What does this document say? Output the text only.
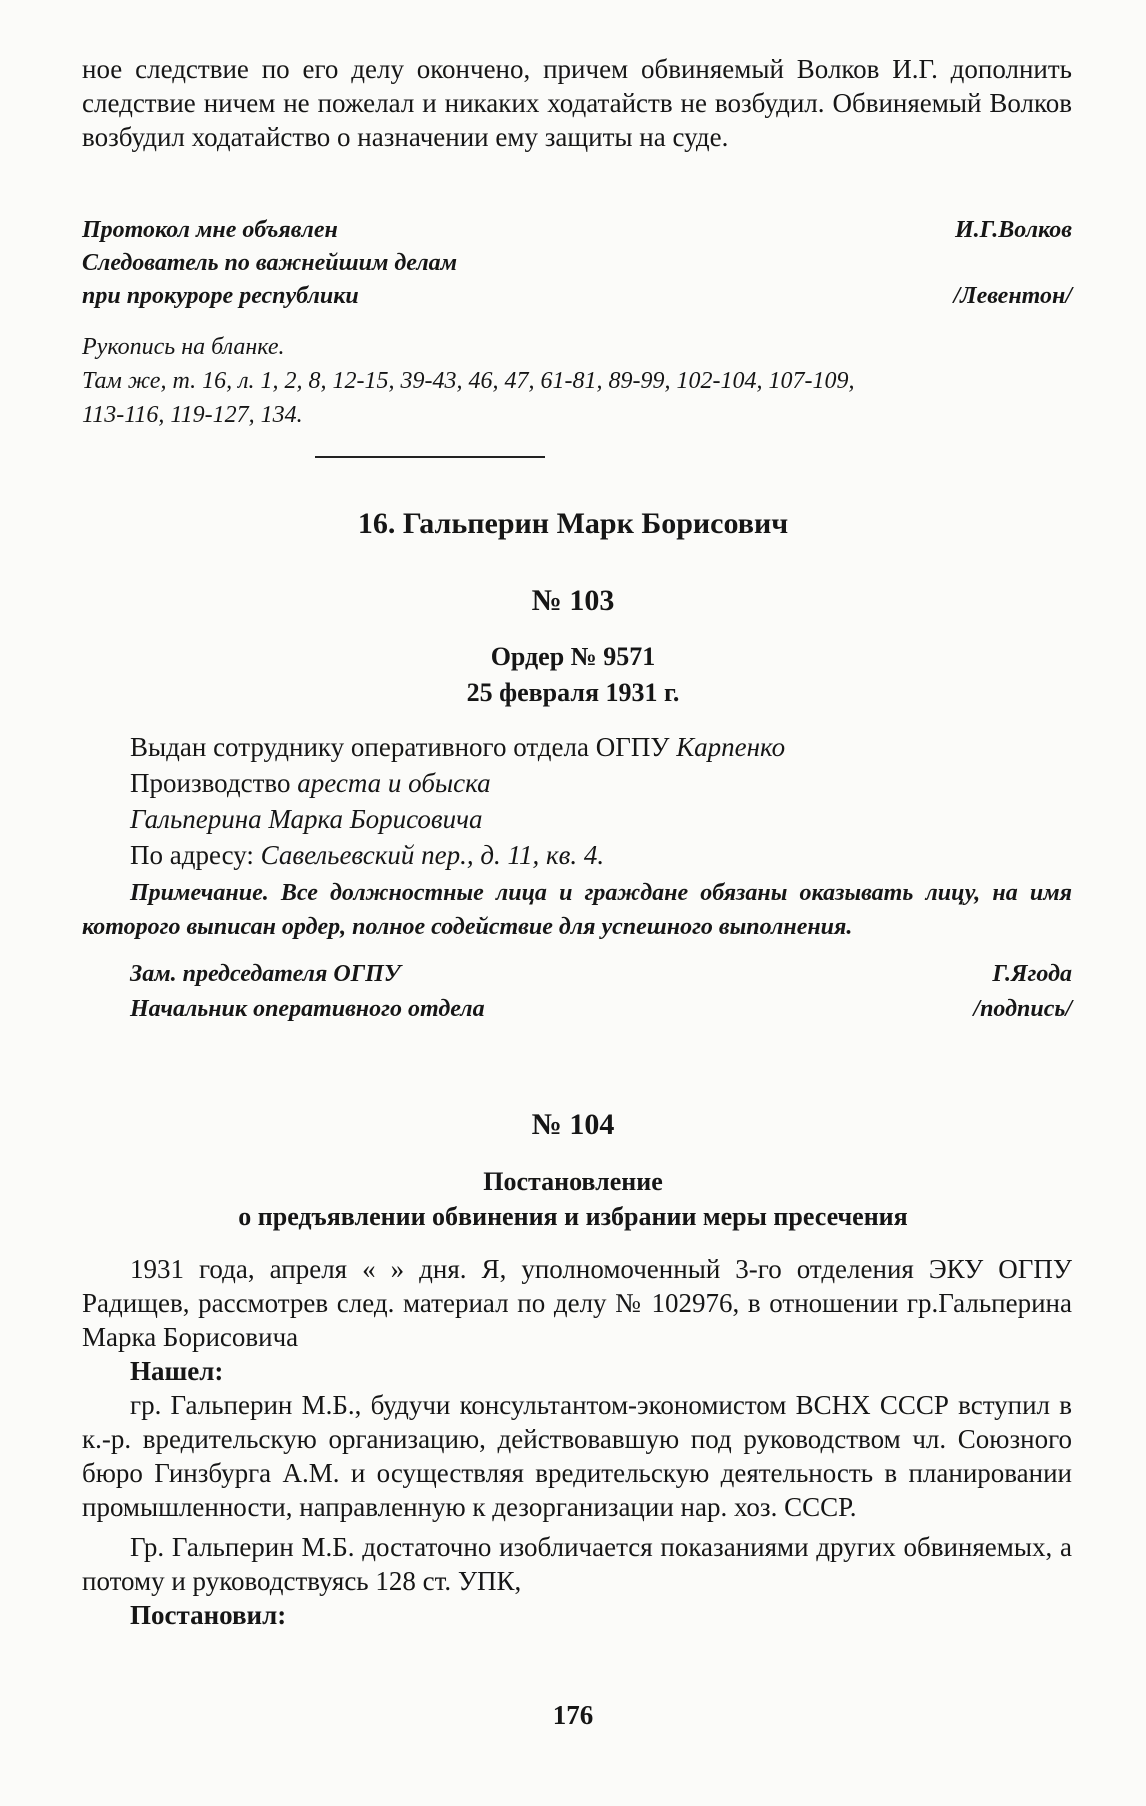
ное следствие по его делу окончено, причем обвиняемый Волков И.Г. дополнить следствие ничем не пожелал и никаких ходатайств не возбудил. Обвиняемый Волков возбудил ходатайство о назначении ему защиты на суде.

Протокол мне объявлен	И.Г.Волков
Следователь по важнейшим делам
при прокуроре республики	/Левентон/
Рукопись на бланке.
Там же, т. 16, л. 1, 2, 8, 12-15, 39-43, 46, 47, 61-81, 89-99, 102-104, 107-109,
113-116, 119-127, 134.
16. Гальперин Марк Борисович
№ 103
Ордер № 9571
25 февраля 1931 г.
Выдан сотруднику оперативного отдела ОГПУ Карпенко
Производство ареста и обыска
Гальперина Марка Борисовича
По адресу: Савельевский пер., д. 11, кв. 4.
Примечание. Все должностные лица и граждане обязаны оказывать лицу, на имя которого выписан ордер, полное содействие для успешного выполнения.
Зам. председателя ОГПУ	Г.Ягода
Начальник оперативного отдела	/подпись/
№ 104
Постановление
о предъявлении обвинения и избрании меры пресечения

1931 года, апреля « » дня. Я, уполномоченный 3-го отделения ЭКУ ОГПУ Радищев, рассмотрев след. материал по делу № 102976, в отношении гр.Гальперина Марка Борисовича

Нашел:

гр. Гальперин М.Б., будучи консультантом-экономистом ВСНХ СССР вступил в к.-р. вредительскую организацию, действовавшую под руководством чл. Союзного бюро Гинзбурга А.М. и осуществляя вредительскую деятельность в планировании промышленности, направленную к дезорганизации нар. хоз. СССР.

Гр. Гальперин М.Б. достаточно изобличается показаниями других обвиняемых, а потому и руководствуясь 128 ст. УПК,

Постановил:

176
